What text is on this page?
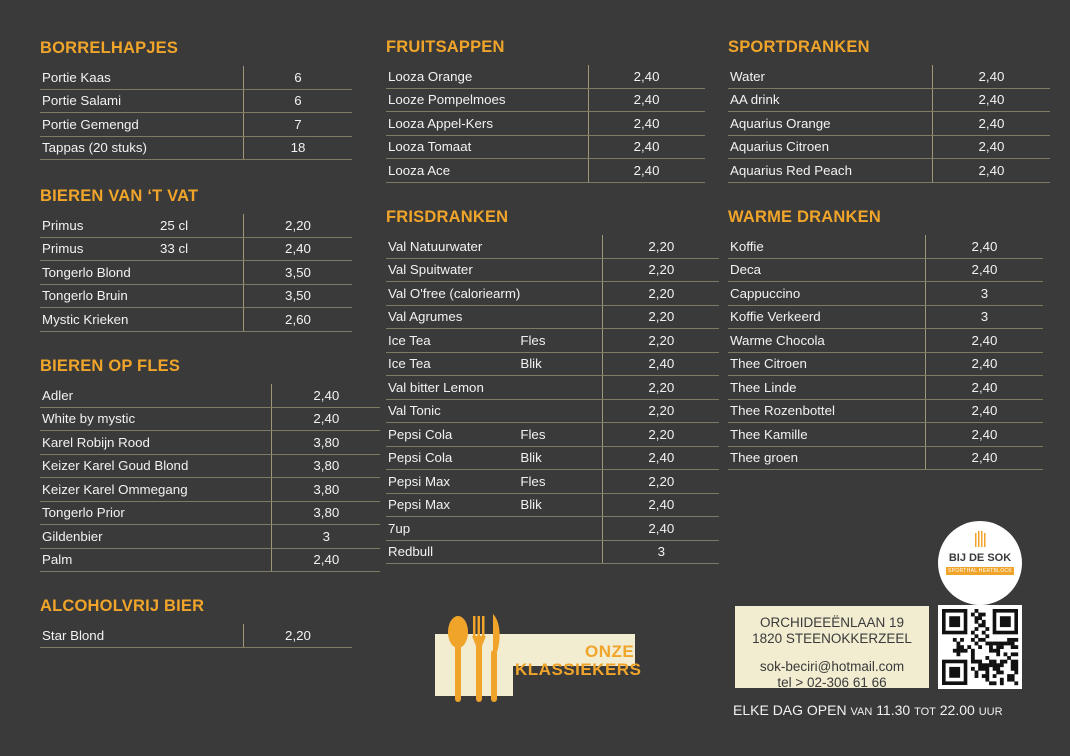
BORRELHAPJES
Portie Kaas		6
Portie Salami		6
Portie Gemengd		7
Tappas (20 stuks)		18
BIEREN VAN ‘T VAT
Primus	25 cl	2,20
Primus	33 cl	2,40
Tongerlo Blond		3,50
Tongerlo Bruin		3,50
Mystic Krieken		2,60
BIEREN OP FLES
Adler		2,40
White by mystic		2,40
Karel Robijn Rood		3,80
Keizer Karel Goud Blond		3,80
Keizer Karel Ommegang		3,80
Tongerlo Prior		3,80
Gildenbier		3
Palm		2,40
ALCOHOLVRIJ BIER
Star Blond		2,20
FRUITSAPPEN
Looza Orange		2,40
Looze Pompelmoes		2,40
Looza Appel-Kers		2,40
Looza Tomaat		2,40
Looza Ace		2,40
FRISDRANKEN
Val Natuurwater		2,20
Val Spuitwater		2,20
Val O'free (caloriearm)		2,20
Val Agrumes		2,20
Ice Tea	Fles	2,20
Ice Tea	Blik	2,40
Val bitter Lemon		2,20
Val Tonic		2,20
Pepsi Cola	Fles	2,20
Pepsi Cola	Blik	2,40
Pepsi Max	Fles	2,20
Pepsi Max	Blik	2,40
7up		2,40
Redbull		3
SPORTDRANKEN
Water		2,40
AA drink		2,40
Aquarius Orange		2,40
Aquarius Citroen		2,40
Aquarius Red Peach		2,40
WARME DRANKEN
Koffie		2,40
Deca		2,40
Cappuccino		3
Koffie Verkeerd		3
Warme Chocola		2,40
Thee Citroen		2,40
Thee Linde		2,40
Thee Rozenbottel		2,40
Thee Kamille		2,40
Thee groen		2,40
ONZE
KLASSIEKERS
BIJ DE SOK
SPORTHAL HERTBLOCK
ORCHIDEEËNLAAN 19
1820 STEENOKKERZEEL
sok-beciri@hotmail.com
tel > 02-306 61 66
ELKE DAG OPEN VAN 11.30 TOT 22.00 UUR
